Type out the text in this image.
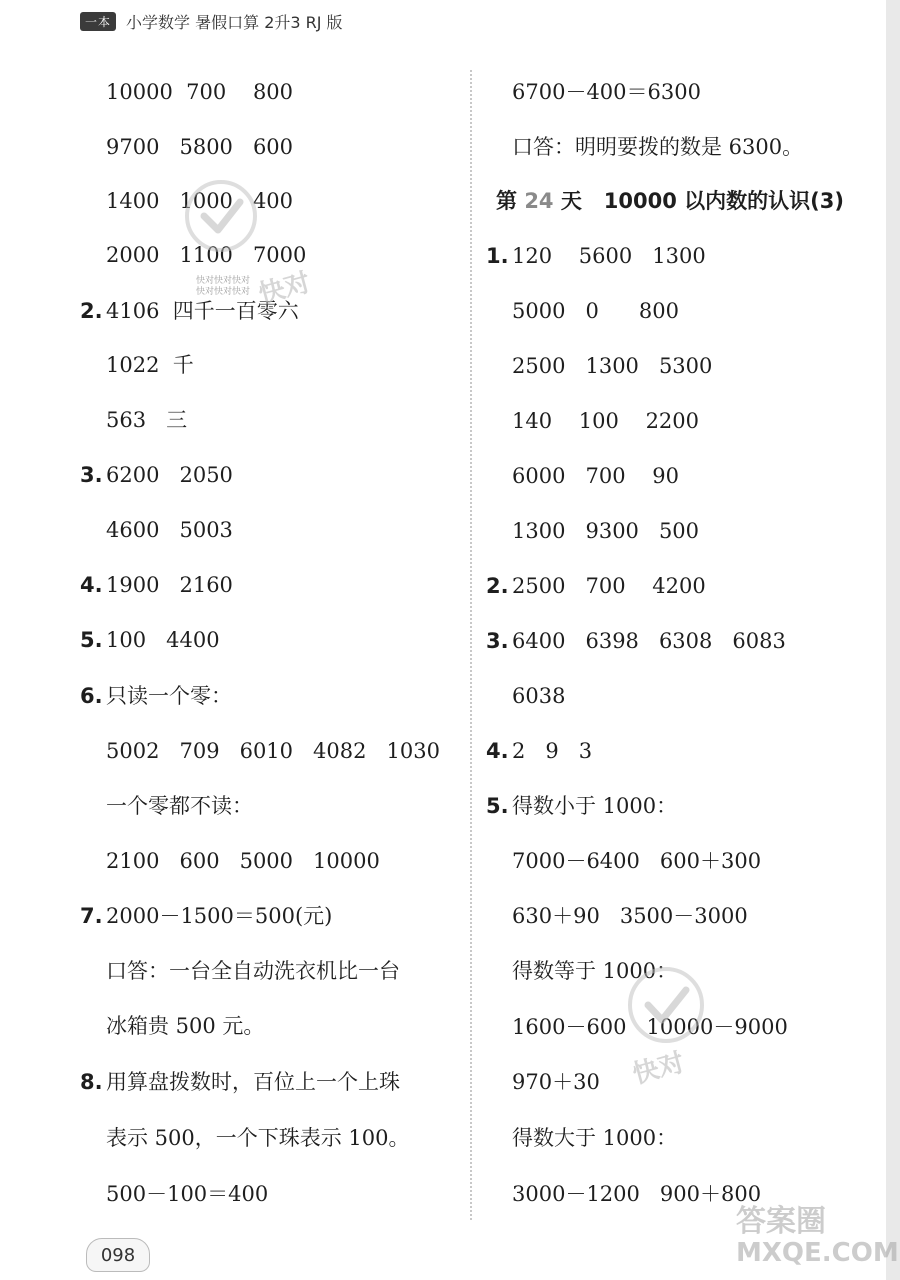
一本 小学数学 暑假口算 2升3 RJ 版
10000  700    800
9700   5800   600
1400   1000   400
2000   1100   7000
2. 4106  四千一百零六
1022  千
563   三
3. 6200   2050
4600   5003
4. 1900   2160
5. 100   4400
6. 只读一个零：
5002   709   6010   4082   1030
一个零都不读：
2100   600   5000   10000
7. 2000－1500＝500(元)
口答：一台全自动洗衣机比一台
冰箱贵 500 元。
8. 用算盘拨数时，百位上一个上珠
表示 500，一个下珠表示 100。
500－100＝400
6700－400＝6300
口答：明明要拨的数是 6300。
第 24 天 10000 以内数的认识(3)
1. 120    5600   1300
5000   0      800
2500   1300   5300
140    100    2200
6000   700    90
1300   9300   500
2. 2500   700    4200
3. 6400   6398   6308   6083
6038
4. 2   9   3
5. 得数小于 1000：
7000－6400   600＋300
630＋90   3500－3000
得数等于 1000：
1600－600   10000－9000
970＋30
得数大于 1000：
3000－1200   900＋800
快对快对快对
快对快对快对 快对
快对
答案圈
MXQE.COM
098
